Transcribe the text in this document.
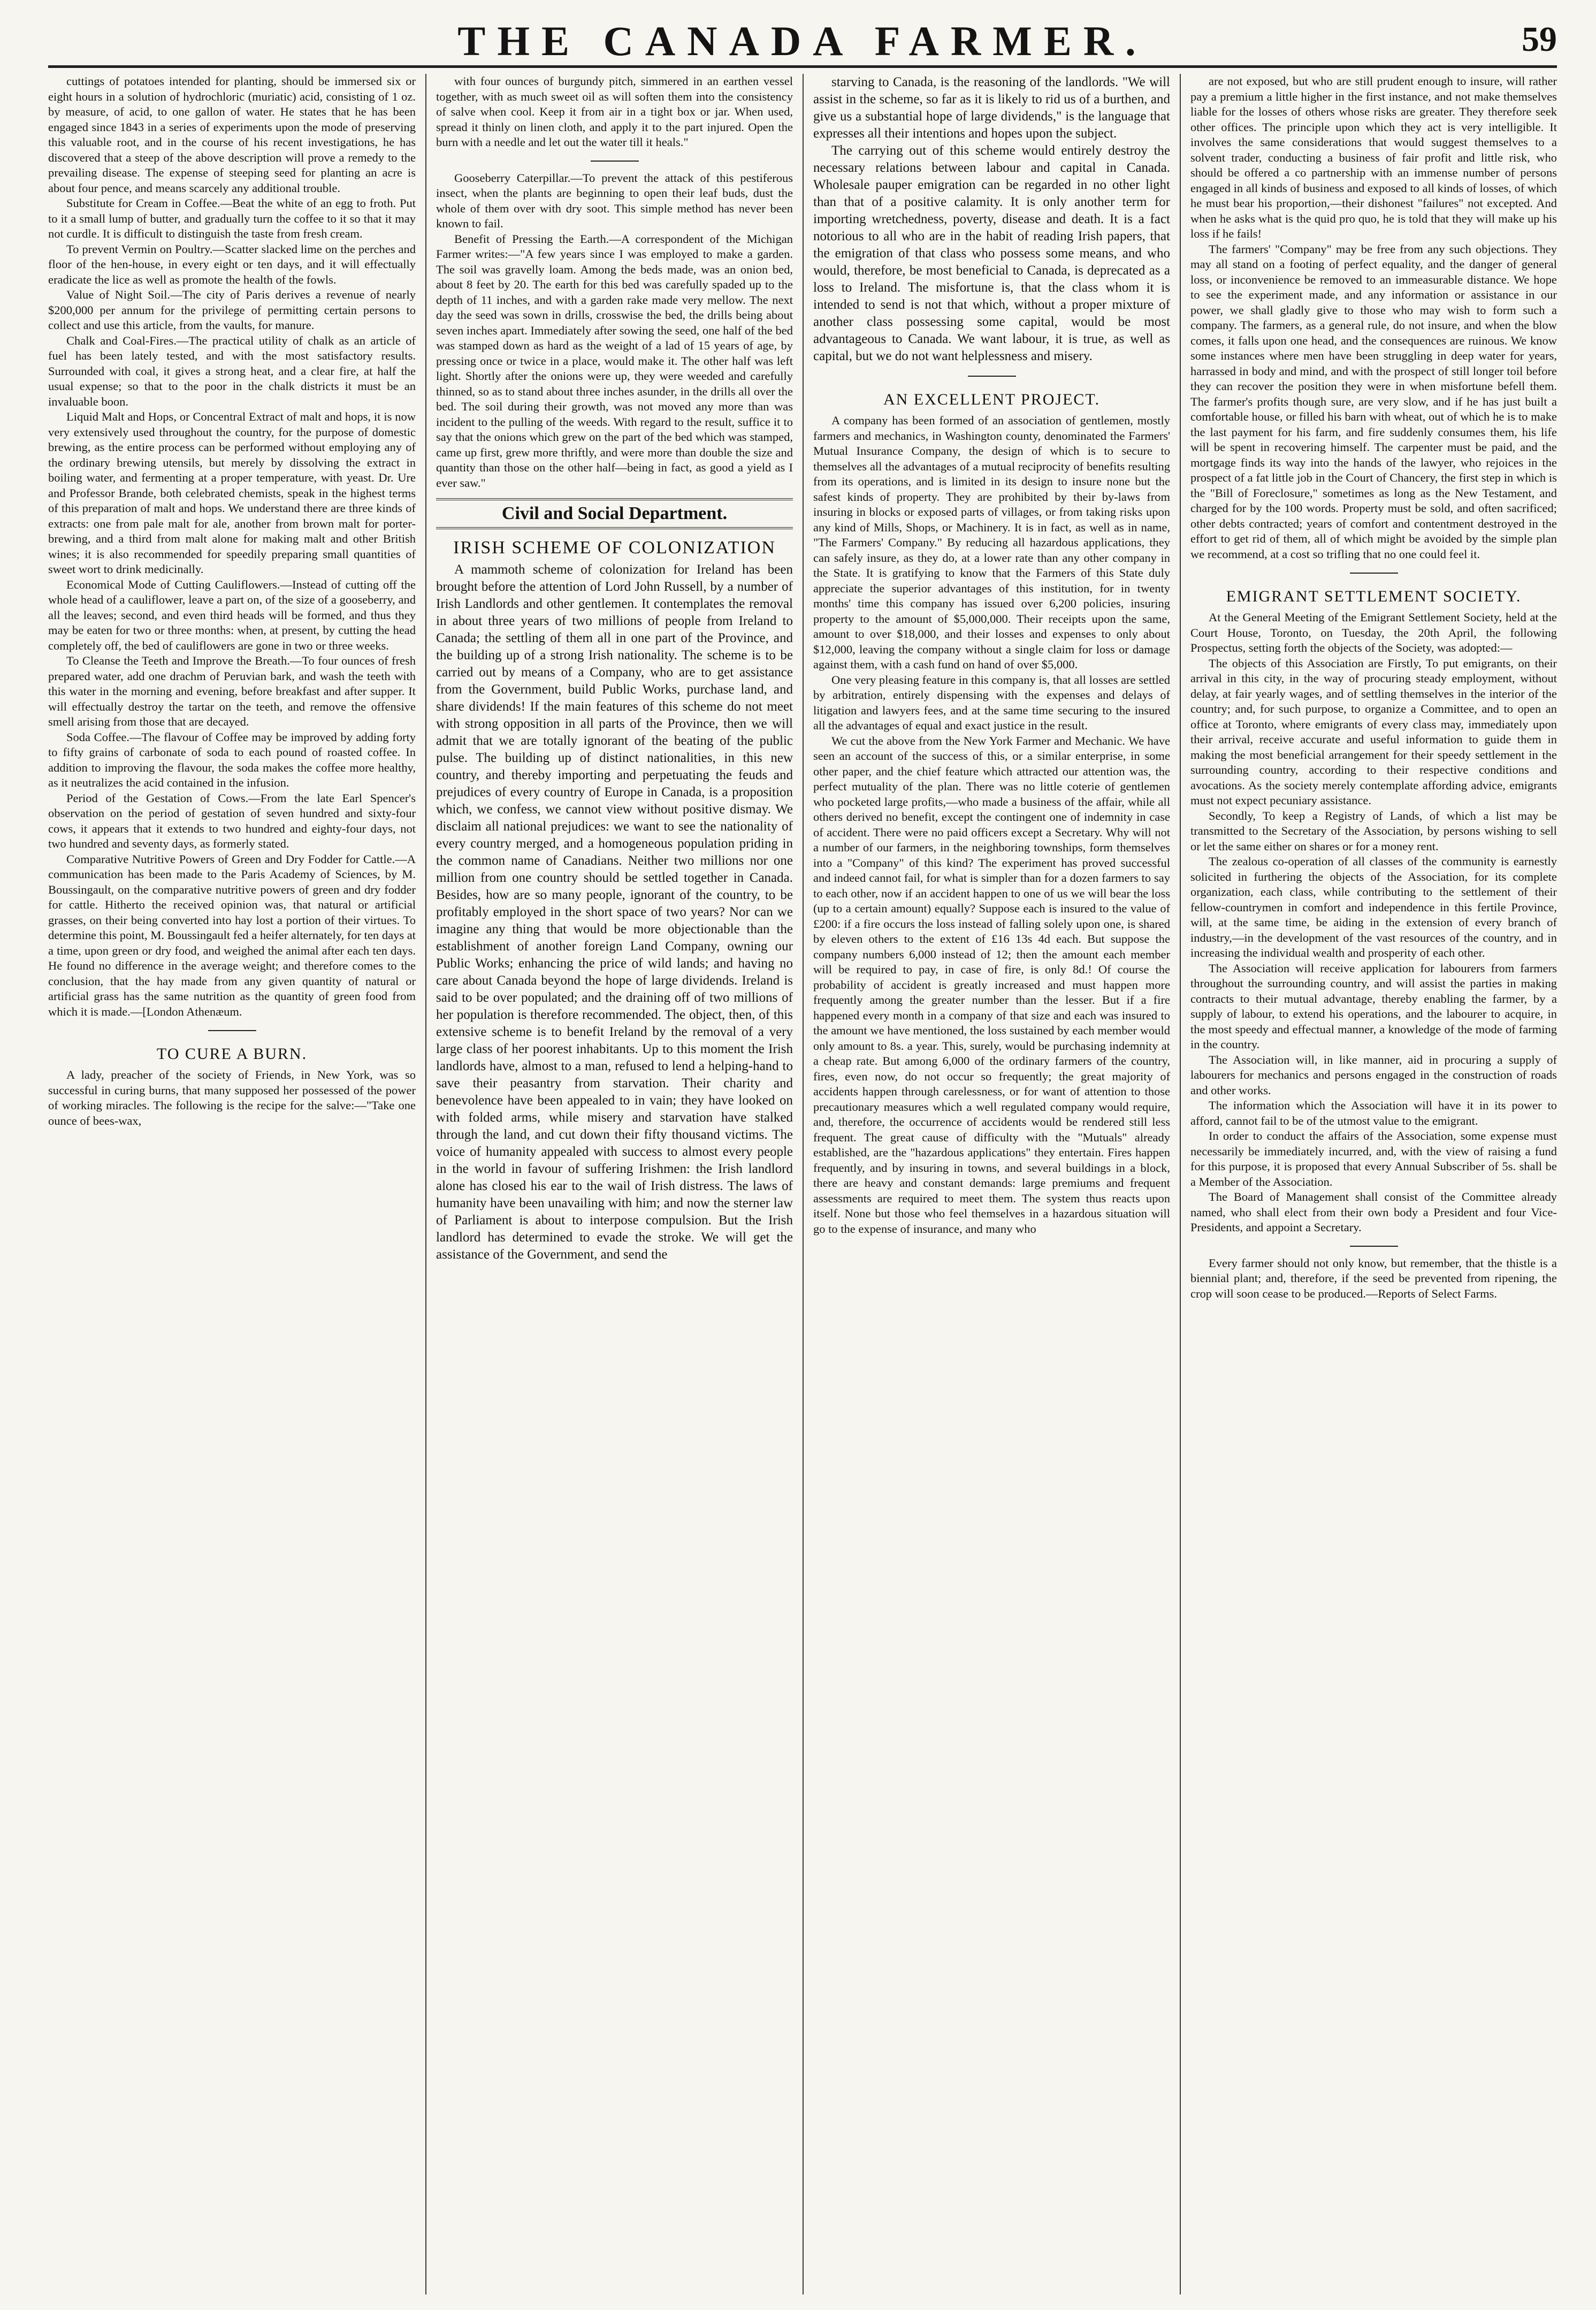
THE CANADA FARMER.	59

cuttings of potatoes intended for planting, should be immersed six or eight hours in a solution of hydrochloric (muriatic) acid, consisting of 1 oz. by measure, of acid, to one gallon of water. He states that he has been engaged since 1843 in a series of experiments upon the mode of preserving this valuable root, and in the course of his recent investigations, he has discovered that a steep of the above description will prove a remedy to the prevailing disease. The expense of steeping seed for planting an acre is about four pence, and means scarcely any additional trouble.

Substitute for Cream in Coffee.—Beat the white of an egg to froth. Put to it a small lump of butter, and gradually turn the coffee to it so that it may not curdle. It is difficult to distinguish the taste from fresh cream.

To prevent Vermin on Poultry.—Scatter slacked lime on the perches and floor of the hen-house, in every eight or ten days, and it will effectually eradicate the lice as well as promote the health of the fowls.

Value of Night Soil.—The city of Paris derives a revenue of nearly $200,000 per annum for the privilege of permitting certain persons to collect and use this article, from the vaults, for manure.

Chalk and Coal-Fires.—The practical utility of chalk as an article of fuel has been lately tested, and with the most satisfactory results. Surrounded with coal, it gives a strong heat, and a clear fire, at half the usual expense; so that to the poor in the chalk districts it must be an invaluable boon.

Liquid Malt and Hops, or Concentral Extract of malt and hops, it is now very extensively used throughout the country, for the purpose of domestic brewing, as the entire process can be performed without employing any of the ordinary brewing utensils, but merely by dissolving the extract in boiling water, and fermenting at a proper temperature, with yeast. Dr. Ure and Professor Brande, both celebrated chemists, speak in the highest terms of this preparation of malt and hops. We understand there are three kinds of extracts: one from pale malt for ale, another from brown malt for porter-brewing, and a third from malt alone for making malt and other British wines; it is also recommended for speedily preparing small quantities of sweet wort to drink medicinally.

Economical Mode of Cutting Cauliflowers.—Instead of cutting off the whole head of a cauliflower, leave a part on, of the size of a gooseberry, and all the leaves; second, and even third heads will be formed, and thus they may be eaten for two or three months: when, at present, by cutting the head completely off, the bed of cauliflowers are gone in two or three weeks.

To Cleanse the Teeth and Improve the Breath.—To four ounces of fresh prepared water, add one drachm of Peruvian bark, and wash the teeth with this water in the morning and evening, before breakfast and after supper. It will effectually destroy the tartar on the teeth, and remove the offensive smell arising from those that are decayed.

Soda Coffee.—The flavour of Coffee may be improved by adding forty to fifty grains of carbonate of soda to each pound of roasted coffee. In addition to improving the flavour, the soda makes the coffee more healthy, as it neutralizes the acid contained in the infusion.

Period of the Gestation of Cows.—From the late Earl Spencer's observation on the period of gestation of seven hundred and sixty-four cows, it appears that it extends to two hundred and eighty-four days, not two hundred and seventy days, as formerly stated.

Comparative Nutritive Powers of Green and Dry Fodder for Cattle.—A communication has been made to the Paris Academy of Sciences, by M. Boussingault, on the comparative nutritive powers of green and dry fodder for cattle. Hitherto the received opinion was, that natural or artificial grasses, on their being converted into hay lost a portion of their virtues. To determine this point, M. Boussingault fed a heifer alternately, for ten days at a time, upon green or dry food, and weighed the animal after each ten days. He found no difference in the average weight; and therefore comes to the conclusion, that the hay made from any given quantity of natural or artificial grass has the same nutrition as the quantity of green food from which it is made.—[London Athenæum.

TO CURE A BURN.

A lady, preacher of the society of Friends, in New York, was so successful in curing burns, that many supposed her possessed of the power of working miracles. The following is the recipe for the salve:—"Take one ounce of bees-wax,

with four ounces of burgundy pitch, simmered in an earthen vessel together, with as much sweet oil as will soften them into the consistency of salve when cool. Keep it from air in a tight box or jar. When used, spread it thinly on linen cloth, and apply it to the part injured. Open the burn with a needle and let out the water till it heals."

Gooseberry Caterpillar.—To prevent the attack of this pestiferous insect, when the plants are beginning to open their leaf buds, dust the whole of them over with dry soot. This simple method has never been known to fail.

Benefit of Pressing the Earth.—A correspondent of the Michigan Farmer writes:—"A few years since I was employed to make a garden. The soil was gravelly loam. Among the beds made, was an onion bed, about 8 feet by 20. The earth for this bed was carefully spaded up to the depth of 11 inches, and with a garden rake made very mellow. The next day the seed was sown in drills, crosswise the bed, the drills being about seven inches apart. Immediately after sowing the seed, one half of the bed was stamped down as hard as the weight of a lad of 15 years of age, by pressing once or twice in a place, would make it. The other half was left light. Shortly after the onions were up, they were weeded and carefully thinned, so as to stand about three inches asunder, in the drills all over the bed. The soil during their growth, was not moved any more than was incident to the pulling of the weeds. With regard to the result, suffice it to say that the onions which grew on the part of the bed which was stamped, came up first, grew more thriftly, and were more than double the size and quantity than those on the other half—being in fact, as good a yield as I ever saw."

Civil and Social Department.
IRISH SCHEME OF COLONIZATION

A mammoth scheme of colonization for Ireland has been brought before the attention of Lord John Russell, by a number of Irish Landlords and other gentlemen. It contemplates the removal in about three years of two millions of people from Ireland to Canada; the settling of them all in one part of the Province, and the building up of a strong Irish nationality. The scheme is to be carried out by means of a Company, who are to get assistance from the Government, build Public Works, purchase land, and share dividends! If the main features of this scheme do not meet with strong opposition in all parts of the Province, then we will admit that we are totally ignorant of the beating of the public pulse. The building up of distinct nationalities, in this new country, and thereby importing and perpetuating the feuds and prejudices of every country of Europe in Canada, is a proposition which, we confess, we cannot view without positive dismay. We disclaim all national prejudices: we want to see the nationality of every country merged, and a homogeneous population priding in the common name of Canadians. Neither two millions nor one million from one country should be settled together in Canada. Besides, how are so many people, ignorant of the country, to be profitably employed in the short space of two years? Nor can we imagine any thing that would be more objectionable than the establishment of another foreign Land Company, owning our Public Works; enhancing the price of wild lands; and having no care about Canada beyond the hope of large dividends. Ireland is said to be over populated; and the draining off of two millions of her population is therefore recommended. The object, then, of this extensive scheme is to benefit Ireland by the removal of a very large class of her poorest inhabitants. Up to this moment the Irish landlords have, almost to a man, refused to lend a helping-hand to save their peasantry from starvation. Their charity and benevolence have been appealed to in vain; they have looked on with folded arms, while misery and starvation have stalked through the land, and cut down their fifty thousand victims. The voice of humanity appealed with success to almost every people in the world in favour of suffering Irishmen: the Irish landlord alone has closed his ear to the wail of Irish distress. The laws of humanity have been unavailing with him; and now the sterner law of Parliament is about to interpose compulsion. But the Irish landlord has determined to evade the stroke. We will get the assistance of the Government, and send the

starving to Canada, is the reasoning of the landlords. "We will assist in the scheme, so far as it is likely to rid us of a burthen, and give us a substantial hope of large dividends," is the language that expresses all their intentions and hopes upon the subject.

The carrying out of this scheme would entirely destroy the necessary relations between labour and capital in Canada. Wholesale pauper emigration can be regarded in no other light than that of a positive calamity. It is only another term for importing wretchedness, poverty, disease and death. It is a fact notorious to all who are in the habit of reading Irish papers, that the emigration of that class who possess some means, and who would, therefore, be most beneficial to Canada, is deprecated as a loss to Ireland. The misfortune is, that the class whom it is intended to send is not that which, without a proper mixture of another class possessing some capital, would be most advantageous to Canada. We want labour, it is true, as well as capital, but we do not want helplessness and misery.

AN EXCELLENT PROJECT.

A company has been formed of an association of gentlemen, mostly farmers and mechanics, in Washington county, denominated the Farmers' Mutual Insurance Company, the design of which is to secure to themselves all the advantages of a mutual reciprocity of benefits resulting from its operations, and is limited in its design to insure none but the safest kinds of property. They are prohibited by their by-laws from insuring in blocks or exposed parts of villages, or from taking risks upon any kind of Mills, Shops, or Machinery. It is in fact, as well as in name, "The Farmers' Company." By reducing all hazardous applications, they can safely insure, as they do, at a lower rate than any other company in the State. It is gratifying to know that the Farmers of this State duly appreciate the superior advantages of this institution, for in twenty months' time this company has issued over 6,200 policies, insuring property to the amount of $5,000,000. Their receipts upon the same, amount to over $18,000, and their losses and expenses to only about $12,000, leaving the company without a single claim for loss or damage against them, with a cash fund on hand of over $5,000.

One very pleasing feature in this company is, that all losses are settled by arbitration, entirely dispensing with the expenses and delays of litigation and lawyers fees, and at the same time securing to the insured all the advantages of equal and exact justice in the result.

We cut the above from the New York Farmer and Mechanic. We have seen an account of the success of this, or a similar enterprise, in some other paper, and the chief feature which attracted our attention was, the perfect mutuality of the plan. There was no little coterie of gentlemen who pocketed large profits,—who made a business of the affair, while all others derived no benefit, except the contingent one of indemnity in case of accident. There were no paid officers except a Secretary. Why will not a number of our farmers, in the neighboring townships, form themselves into a "Company" of this kind? The experiment has proved successful and indeed cannot fail, for what is simpler than for a dozen farmers to say to each other, now if an accident happen to one of us we will bear the loss (up to a certain amount) equally? Suppose each is insured to the value of £200: if a fire occurs the loss instead of falling solely upon one, is shared by eleven others to the extent of £16 13s 4d each. But suppose the company numbers 6,000 instead of 12; then the amount each member will be required to pay, in case of fire, is only 8d.! Of course the probability of accident is greatly increased and must happen more frequently among the greater number than the lesser. But if a fire happened every month in a company of that size and each was insured to the amount we have mentioned, the loss sustained by each member would only amount to 8s. a year. This, surely, would be purchasing indemnity at a cheap rate. But among 6,000 of the ordinary farmers of the country, fires, even now, do not occur so frequently; the great majority of accidents happen through carelessness, or for want of attention to those precautionary measures which a well regulated company would require, and, therefore, the occurrence of accidents would be rendered still less frequent. The great cause of difficulty with the "Mutuals" already established, are the "hazardous applications" they entertain. Fires happen frequently, and by insuring in towns, and several buildings in a block, there are heavy and constant demands: large premiums and frequent assessments are required to meet them. The system thus reacts upon itself. None but those who feel themselves in a hazardous situation will go to the expense of insurance, and many who

are not exposed, but who are still prudent enough to insure, will rather pay a premium a little higher in the first instance, and not make themselves liable for the losses of others whose risks are greater. They therefore seek other offices. The principle upon which they act is very intelligible. It involves the same considerations that would suggest themselves to a solvent trader, conducting a business of fair profit and little risk, who should be offered a co partnership with an immense number of persons engaged in all kinds of business and exposed to all kinds of losses, of which he must bear his proportion,—their dishonest "failures" not excepted. And when he asks what is the quid pro quo, he is told that they will make up his loss if he fails!

The farmers' "Company" may be free from any such objections. They may all stand on a footing of perfect equality, and the danger of general loss, or inconvenience be removed to an immeasurable distance. We hope to see the experiment made, and any information or assistance in our power, we shall gladly give to those who may wish to form such a company. The farmers, as a general rule, do not insure, and when the blow comes, it falls upon one head, and the consequences are ruinous. We know some instances where men have been struggling in deep water for years, harrassed in body and mind, and with the prospect of still longer toil before they can recover the position they were in when misfortune befell them. The farmer's profits though sure, are very slow, and if he has just built a comfortable house, or filled his barn with wheat, out of which he is to make the last payment for his farm, and fire suddenly consumes them, his life will be spent in recovering himself. The carpenter must be paid, and the mortgage finds its way into the hands of the lawyer, who rejoices in the prospect of a fat little job in the Court of Chancery, the first step in which is the "Bill of Foreclosure," sometimes as long as the New Testament, and charged for by the 100 words. Property must be sold, and often sacrificed; other debts contracted; years of comfort and contentment destroyed in the effort to get rid of them, all of which might be avoided by the simple plan we recommend, at a cost so trifling that no one could feel it.

EMIGRANT SETTLEMENT SOCIETY.

At the General Meeting of the Emigrant Settlement Society, held at the Court House, Toronto, on Tuesday, the 20th April, the following Prospectus, setting forth the objects of the Society, was adopted:—

The objects of this Association are Firstly, To put emigrants, on their arrival in this city, in the way of procuring steady employment, without delay, at fair yearly wages, and of settling themselves in the interior of the country; and, for such purpose, to organize a Committee, and to open an office at Toronto, where emigrants of every class may, immediately upon their arrival, receive accurate and useful information to guide them in making the most beneficial arrangement for their speedy settlement in the surrounding country, according to their respective conditions and avocations. As the society merely contemplate affording advice, emigrants must not expect pecuniary assistance.

Secondly, To keep a Registry of Lands, of which a list may be transmitted to the Secretary of the Association, by persons wishing to sell or let the same either on shares or for a money rent.

The zealous co-operation of all classes of the community is earnestly solicited in furthering the objects of the Association, for its complete organization, each class, while contributing to the settlement of their fellow-countrymen in comfort and independence in this fertile Province, will, at the same time, be aiding in the extension of every branch of industry,—in the development of the vast resources of the country, and in increasing the individual wealth and prosperity of each other.

The Association will receive application for labourers from farmers throughout the surrounding country, and will assist the parties in making contracts to their mutual advantage, thereby enabling the farmer, by a supply of labour, to extend his operations, and the labourer to acquire, in the most speedy and effectual manner, a knowledge of the mode of farming in the country.

The Association will, in like manner, aid in procuring a supply of labourers for mechanics and persons engaged in the construction of roads and other works.

The information which the Association will have it in its power to afford, cannot fail to be of the utmost value to the emigrant.

In order to conduct the affairs of the Association, some expense must necessarily be immediately incurred, and, with the view of raising a fund for this purpose, it is proposed that every Annual Subscriber of 5s. shall be a Member of the Association.

The Board of Management shall consist of the Committee already named, who shall elect from their own body a President and four Vice-Presidents, and appoint a Secretary.

Every farmer should not only know, but remember, that the thistle is a biennial plant; and, therefore, if the seed be prevented from ripening, the crop will soon cease to be produced.—Reports of Select Farms.
